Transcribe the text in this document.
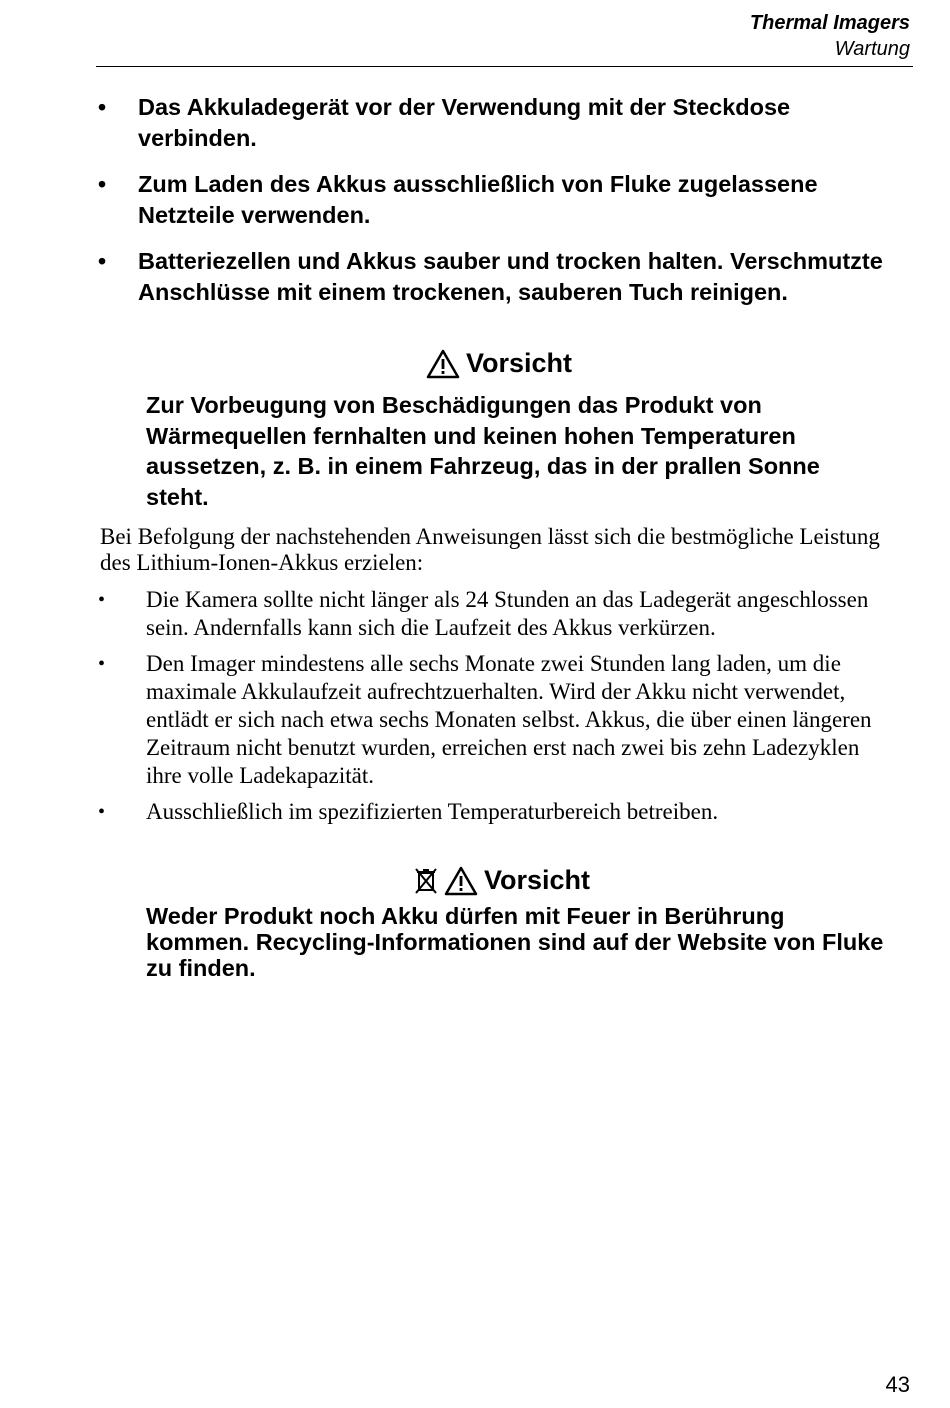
Thermal Imagers
Wartung
• Das Akkuladegerät vor der Verwendung mit der Steckdose verbinden.
• Zum Laden des Akkus ausschließlich von Fluke zugelassene Netzteile verwenden.
• Batteriezellen und Akkus sauber und trocken halten. Verschmutzte Anschlüsse mit einem trockenen, sauberen Tuch reinigen.
Vorsicht
Zur Vorbeugung von Beschädigungen das Produkt von Wärmequellen fernhalten und keinen hohen Temperaturen aussetzen, z. B. in einem Fahrzeug, das in der prallen Sonne steht.
Bei Befolgung der nachstehenden Anweisungen lässt sich die bestmögliche Leistung des Lithium-Ionen-Akkus erzielen:
• Die Kamera sollte nicht länger als 24 Stunden an das Ladegerät angeschlossen sein. Andernfalls kann sich die Laufzeit des Akkus verkürzen.
• Den Imager mindestens alle sechs Monate zwei Stunden lang laden, um die maximale Akkulaufzeit aufrechtzuerhalten. Wird der Akku nicht verwendet, entlädt er sich nach etwa sechs Monaten selbst. Akkus, die über einen längeren Zeitraum nicht benutzt wurden, erreichen erst nach zwei bis zehn Ladezyklen ihre volle Ladekapazität.
• Ausschließlich im spezifizierten Temperaturbereich betreiben.
Vorsicht
Weder Produkt noch Akku dürfen mit Feuer in Berührung kommen. Recycling-Informationen sind auf der Website von Fluke zu finden.
43
